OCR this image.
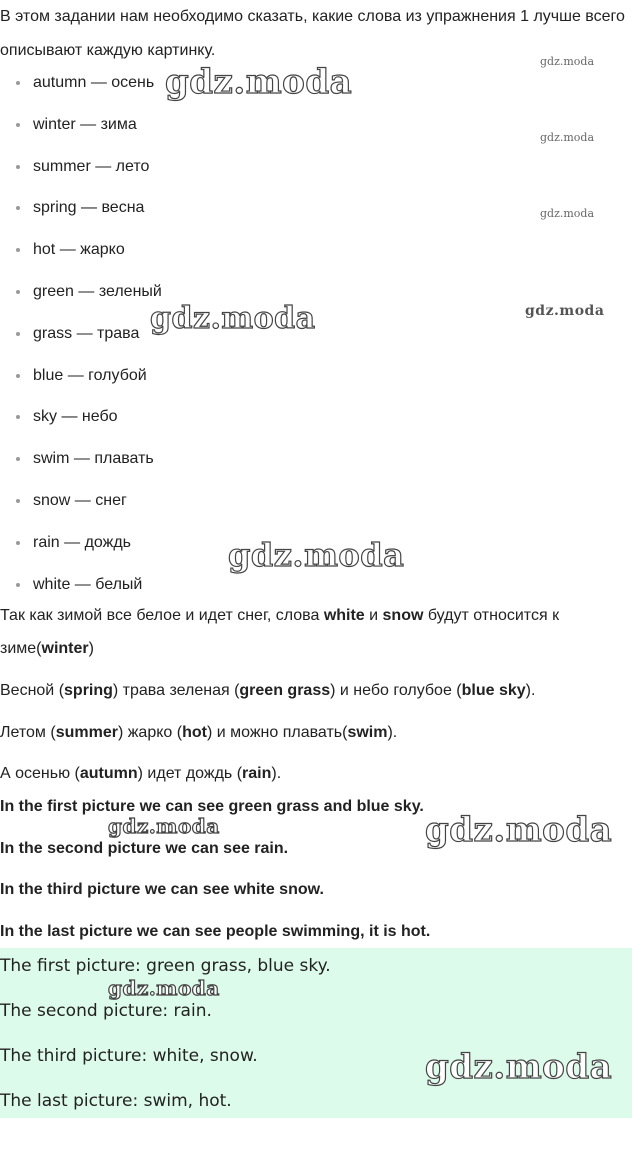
В этом задании нам необходимо сказать, какие слова из упражнения 1 лучше всего описывают каждую картинку.

autumn — осень
winter — зима
summer — лето
spring — весна
hot — жарко
green — зеленый
grass — трава
blue — голубой
sky — небо
swim — плавать
snow — снег
rain — дождь
white — белый

Так как зимой все белое и идет снег, слова white и snow будут относится к зиме(winter)

Весной (spring) трава зеленая (green grass) и небо голубое (blue sky).

Летом (summer) жарко (hot) и можно плавать(swim).

А осенью (autumn) идет дождь (rain).

In the first picture we can see green grass and blue sky.

In the second picture we can see rain.

In the third picture we can see white snow.

In the last picture we can see people swimming, it is hot.

The first picture: green grass, blue sky.
The second picture: rain.
The third picture: white, snow.
The last picture: swim, hot.
gdz.moda
gdz.moda
gdz.moda
gdz.moda
gdz.moda	gdz.moda
gdz.moda
gdz.moda	gdz.moda
gdz.moda
gdz.moda
